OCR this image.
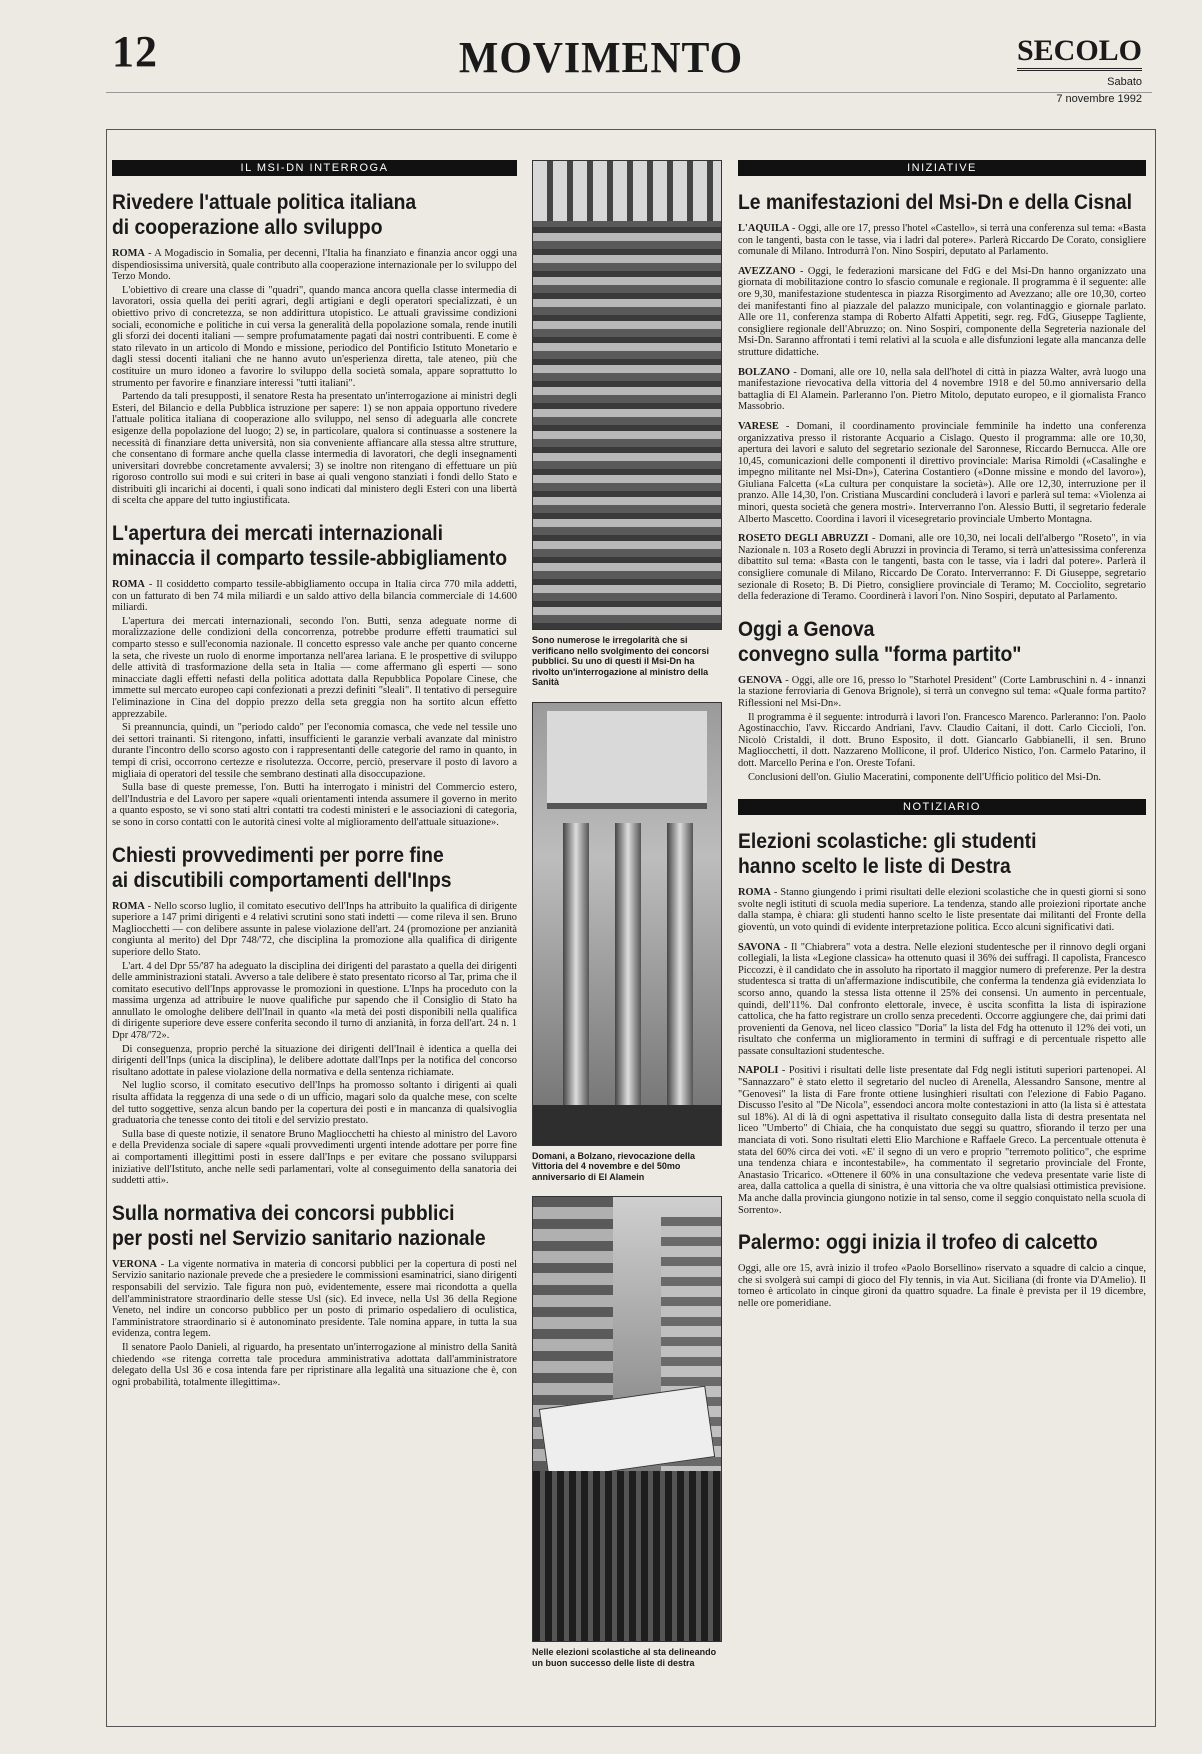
12	MOVIMENTO	SECOLO
Sabato
7 novembre 1992
IL MSI-DN INTERROGA
Rivedere l'attuale politica italiana
di cooperazione allo sviluppo

ROMA - A Mogadiscio in Somalia, per decenni, l'Italia ha finanziato e finanzia ancor oggi una dispendiosissima università, quale contributo alla cooperazione internazionale per lo sviluppo del Terzo Mondo.

L'obiettivo di creare una classe di "quadri", quando manca ancora quella classe intermedia di lavoratori, ossia quella dei periti agrari, degli artigiani e degli operatori specializzati, è un obiettivo privo di concretezza, se non addirittura utopistico. Le attuali gravissime condizioni sociali, economiche e politiche in cui versa la generalità della popolazione somala, rende inutili gli sforzi dei docenti italiani — sempre profumatamente pagati dai nostri contribuenti. E come è stato rilevato in un articolo di Mondo e missione, periodico del Pontificio Istituto Monetario e dagli stessi docenti italiani che ne hanno avuto un'esperienza diretta, tale ateneo, più che costituire un muro idoneo a favorire lo sviluppo della società somala, appare soprattutto lo strumento per favorire e finanziare interessi "tutti italiani".

Partendo da tali presupposti, il senatore Resta ha presentato un'interrogazione ai ministri degli Esteri, del Bilancio e della Pubblica istruzione per sapere: 1) se non appaia opportuno rivedere l'attuale politica italiana di cooperazione allo sviluppo, nel senso di adeguarla alle concrete esigenze della popolazione del luogo; 2) se, in particolare, qualora si continuasse a sostenere la necessità di finanziare detta università, non sia conveniente affiancare alla stessa altre strutture, che consentano di formare anche quella classe intermedia di lavoratori, che degli insegnamenti universitari dovrebbe concretamente avvalersi; 3) se inoltre non ritengano di effettuare un più rigoroso controllo sui modi e sui criteri in base ai quali vengono stanziati i fondi dello Stato e distribuiti gli incarichi ai docenti, i quali sono indicati dal ministero degli Esteri con una libertà di scelta che appare del tutto ingiustificata.

L'apertura dei mercati internazionali
minaccia il comparto tessile-abbigliamento

ROMA - Il cosiddetto comparto tessile-abbigliamento occupa in Italia circa 770 mila addetti, con un fatturato di ben 74 mila miliardi e un saldo attivo della bilancia commerciale di 14.600 miliardi.

L'apertura dei mercati internazionali, secondo l'on. Butti, senza adeguate norme di moralizzazione delle condizioni della concorrenza, potrebbe produrre effetti traumatici sul comparto stesso e sull'economia nazionale. Il concetto espresso vale anche per quanto concerne la seta, che riveste un ruolo di enorme importanza nell'area lariana. E le prospettive di sviluppo delle attività di trasformazione della seta in Italia — come affermano gli esperti — sono minacciate dagli effetti nefasti della politica adottata dalla Repubblica Popolare Cinese, che immette sul mercato europeo capi confezionati a prezzi definiti "sleali". Il tentativo di perseguire l'eliminazione in Cina del doppio prezzo della seta greggia non ha sortito alcun effetto apprezzabile.

Si preannuncia, quindi, un "periodo caldo" per l'economia comasca, che vede nel tessile uno dei settori trainanti. Si ritengono, infatti, insufficienti le garanzie verbali avanzate dal ministro durante l'incontro dello scorso agosto con i rappresentanti delle categorie del ramo in quanto, in tempi di crisi, occorrono certezze e risolutezza. Occorre, perciò, preservare il posto di lavoro a migliaia di operatori del tessile che sembrano destinati alla disoccupazione.

Sulla base di queste premesse, l'on. Butti ha interrogato i ministri del Commercio estero, dell'Industria e del Lavoro per sapere «quali orientamenti intenda assumere il governo in merito a quanto esposto, se vi sono stati altri contatti tra codesti ministeri e le associazioni di categoria, se sono in corso contatti con le autorità cinesi volte al miglioramento dell'attuale situazione».

Chiesti provvedimenti per porre fine
ai discutibili comportamenti dell'Inps

ROMA - Nello scorso luglio, il comitato esecutivo dell'Inps ha attribuito la qualifica di dirigente superiore a 147 primi dirigenti e 4 relativi scrutini sono stati indetti — come rileva il sen. Bruno Magliocchetti — con delibere assunte in palese violazione dell'art. 24 (promozione per anzianità congiunta al merito) del Dpr 748/'72, che disciplina la promozione alla qualifica di dirigente superiore dello Stato.

L'art. 4 del Dpr 55/'87 ha adeguato la disciplina dei dirigenti del parastato a quella dei dirigenti delle amministrazioni statali. Avverso a tale delibere è stato presentato ricorso al Tar, prima che il comitato esecutivo dell'Inps approvasse le promozioni in questione. L'Inps ha proceduto con la massima urgenza ad attribuire le nuove qualifiche pur sapendo che il Consiglio di Stato ha annullato le omologhe delibere dell'Inail in quanto «la metà dei posti disponibili nella qualifica di dirigente superiore deve essere conferita secondo il turno di anzianità, in forza dell'art. 24 n. 1 Dpr 478/'72».

Di conseguenza, proprio perché la situazione dei dirigenti dell'Inail è identica a quella dei dirigenti dell'Inps (unica la disciplina), le delibere adottate dall'Inps per la notifica del concorso risultano adottate in palese violazione della normativa e della sentenza richiamate.

Nel luglio scorso, il comitato esecutivo dell'Inps ha promosso soltanto i dirigenti ai quali risulta affidata la reggenza di una sede o di un ufficio, magari solo da qualche mese, con scelte del tutto soggettive, senza alcun bando per la copertura dei posti e in mancanza di qualsivoglia graduatoria che tenesse conto dei titoli e del servizio prestato.

Sulla base di queste notizie, il senatore Bruno Magliocchetti ha chiesto al ministro del Lavoro e della Previdenza sociale di sapere «quali provvedimenti urgenti intende adottare per porre fine ai comportamenti illegittimi posti in essere dall'Inps e per evitare che possano svilupparsi iniziative dell'Istituto, anche nelle sedi parlamentari, volte al conseguimento della sanatoria dei suddetti atti».

Sulla normativa dei concorsi pubblici
per posti nel Servizio sanitario nazionale

VERONA - La vigente normativa in materia di concorsi pubblici per la copertura di posti nel Servizio sanitario nazionale prevede che a presiedere le commissioni esaminatrici, siano dirigenti responsabili del servizio. Tale figura non può, evidentemente, essere mai ricondotta a quella dell'amministratore straordinario delle stesse Usl (sic). Ed invece, nella Usl 36 della Regione Veneto, nel indire un concorso pubblico per un posto di primario ospedaliero di oculistica, l'amministratore straordinario si è autonominato presidente. Tale nomina appare, in tutta la sua evidenza, contra legem.

Il senatore Paolo Danieli, al riguardo, ha presentato un'interrogazione al ministro della Sanità chiedendo «se ritenga corretta tale procedura amministrativa adottata dall'amministratore delegato della Usl 36 e cosa intenda fare per ripristinare alla legalità una situazione che è, con ogni probabilità, totalmente illegittima».

Sono numerose le irregolarità che si verificano nello svolgimento dei concorsi pubblici. Su uno di questi il Msi-Dn ha rivolto un'interrogazione al ministro della Sanità
Domani, a Bolzano, rievocazione della Vittoria del 4 novembre e del 50mo anniversario di El Alamein
Nelle elezioni scolastiche al sta delineando un buon successo delle liste di destra
INIZIATIVE
Le manifestazioni del Msi-Dn e della Cisnal

L'AQUILA - Oggi, alle ore 17, presso l'hotel «Castello», si terrà una conferenza sul tema: «Basta con le tangenti, basta con le tasse, via i ladri dal potere». Parlerà Riccardo De Corato, consigliere comunale di Milano. Introdurrà l'on. Nino Sospiri, deputato al Parlamento.

AVEZZANO - Oggi, le federazioni marsicane del FdG e del Msi-Dn hanno organizzato una giornata di mobilitazione contro lo sfascio comunale e regionale. Il programma è il seguente: alle ore 9,30, manifestazione studentesca in piazza Risorgimento ad Avezzano; alle ore 10,30, corteo dei manifestanti fino al piazzale del palazzo municipale, con volantinaggio e giornale parlato. Alle ore 11, conferenza stampa di Roberto Alfatti Appetiti, segr. reg. FdG, Giuseppe Tagliente, consigliere regionale dell'Abruzzo; on. Nino Sospiri, componente della Segreteria nazionale del Msi-Dn. Saranno affrontati i temi relativi al la scuola e alle disfunzioni legate alla mancanza delle strutture didattiche.

BOLZANO - Domani, alle ore 10, nella sala dell'hotel di città in piazza Walter, avrà luogo una manifestazione rievocativa della vittoria del 4 novembre 1918 e del 50.mo anniversario della battaglia di El Alamein. Parleranno l'on. Pietro Mitolo, deputato europeo, e il giornalista Franco Massobrio.

VARESE - Domani, il coordinamento provinciale femminile ha indetto una conferenza organizzativa presso il ristorante Acquario a Cislago. Questo il programma: alle ore 10,30, apertura dei lavori e saluto del segretario sezionale del Saronnese, Riccardo Bernucca. Alle ore 10,45, comunicazioni delle componenti il direttivo provinciale: Marisa Rimoldi («Casalinghe e impegno militante nel Msi-Dn»), Caterina Costantiero («Donne missine e mondo del lavoro»), Giuliana Falcetta («La cultura per conquistare la società»). Alle ore 12,30, interruzione per il pranzo. Alle 14,30, l'on. Cristiana Muscardini concluderà i lavori e parlerà sul tema: «Violenza ai minori, questa società che genera mostri». Interverranno l'on. Alessio Butti, il segretario federale Alberto Mascetto. Coordina i lavori il vicesegretario provinciale Umberto Montagna.

ROSETO DEGLI ABRUZZI - Domani, alle ore 10,30, nei locali dell'albergo "Roseto", in via Nazionale n. 103 a Roseto degli Abruzzi in provincia di Teramo, si terrà un'attesissima conferenza dibattito sul tema: «Basta con le tangenti, basta con le tasse, via i ladri dal potere». Parlerà il consigliere comunale di Milano, Riccardo De Corato. Interverranno: F. Di Giuseppe, segretario sezionale di Roseto; B. Di Pietro, consigliere provinciale di Teramo; M. Cocciolito, segretario della federazione di Teramo. Coordinerà i lavori l'on. Nino Sospiri, deputato al Parlamento.

Oggi a Genova
convegno sulla "forma partito"

GENOVA - Oggi, alle ore 16, presso lo "Starhotel President" (Corte Lambruschini n. 4 - innanzi la stazione ferroviaria di Genova Brignole), si terrà un convegno sul tema: «Quale forma partito? Riflessioni nel Msi-Dn».

Il programma è il seguente: introdurrà i lavori l'on. Francesco Marenco. Parleranno: l'on. Paolo Agostinacchio, l'avv. Riccardo Andriani, l'avv. Claudio Caitani, il dott. Carlo Ciccioli, l'on. Nicolò Cristaldi, il dott. Bruno Esposito, il dott. Giancarlo Gabbianelli, il sen. Bruno Magliocchetti, il dott. Nazzareno Mollicone, il prof. Ulderico Nistico, l'on. Carmelo Patarino, il dott. Marcello Perina e l'on. Oreste Tofani.

Conclusioni dell'on. Giulio Maceratini, componente dell'Ufficio politico del Msi-Dn.

NOTIZIARIO
Elezioni scolastiche: gli studenti
hanno scelto le liste di Destra

ROMA - Stanno giungendo i primi risultati delle elezioni scolastiche che in questi giorni si sono svolte negli istituti di scuola media superiore. La tendenza, stando alle proiezioni riportate anche dalla stampa, è chiara: gli studenti hanno scelto le liste presentate dai militanti del Fronte della gioventù, un voto quindi di evidente interpretazione politica. Ecco alcuni significativi dati.

SAVONA - Il "Chiabrera" vota a destra. Nelle elezioni studentesche per il rinnovo degli organi collegiali, la lista «Legione classica» ha ottenuto quasi il 36% dei suffragi. Il capolista, Francesco Piccozzi, è il candidato che in assoluto ha riportato il maggior numero di preferenze. Per la destra studentesca si tratta di un'affermazione indiscutibile, che conferma la tendenza già evidenziata lo scorso anno, quando la stessa lista ottenne il 25% dei consensi. Un aumento in percentuale, quindi, dell'11%. Dal confronto elettorale, invece, è uscita sconfitta la lista di ispirazione cattolica, che ha fatto registrare un crollo senza precedenti. Occorre aggiungere che, dai primi dati provenienti da Genova, nel liceo classico "Doria" la lista del Fdg ha ottenuto il 12% dei voti, un risultato che conferma un miglioramento in termini di suffragi e di percentuale rispetto alle passate consultazioni studentesche.

NAPOLI - Positivi i risultati delle liste presentate dal Fdg negli istituti superiori partenopei. Al "Sannazzaro" è stato eletto il segretario del nucleo di Arenella, Alessandro Sansone, mentre al "Genovesi" la lista di Fare fronte ottiene lusinghieri risultati con l'elezione di Fabio Pagano. Discusso l'esito al "De Nicola", essendoci ancora molte contestazioni in atto (la lista si è attestata sul 18%). Al di là di ogni aspettativa il risultato conseguito dalla lista di destra presentata nel liceo "Umberto" di Chiaia, che ha conquistato due seggi su quattro, sfiorando il terzo per una manciata di voti. Sono risultati eletti Elio Marchione e Raffaele Greco. La percentuale ottenuta è stata del 60% circa dei voti. «E' il segno di un vero e proprio "terremoto politico", che esprime una tendenza chiara e incontestabile», ha commentato il segretario provinciale del Fronte, Anastasio Tricarico. «Ottenere il 60% in una consultazione che vedeva presentate varie liste di area, dalla cattolica a quella di sinistra, è una vittoria che va oltre qualsiasi ottimistica previsione. Ma anche dalla provincia giungono notizie in tal senso, come il seggio conquistato nella scuola di Sorrento».

Palermo: oggi inizia il trofeo di calcetto

Oggi, alle ore 15, avrà inizio il trofeo «Paolo Borsellino» riservato a squadre di calcio a cinque, che si svolgerà sui campi di gioco del Fly tennis, in via Aut. Siciliana (di fronte via D'Amelio). Il torneo è articolato in cinque gironi da quattro squadre. La finale è prevista per il 19 dicembre, nelle ore pomeridiane.
